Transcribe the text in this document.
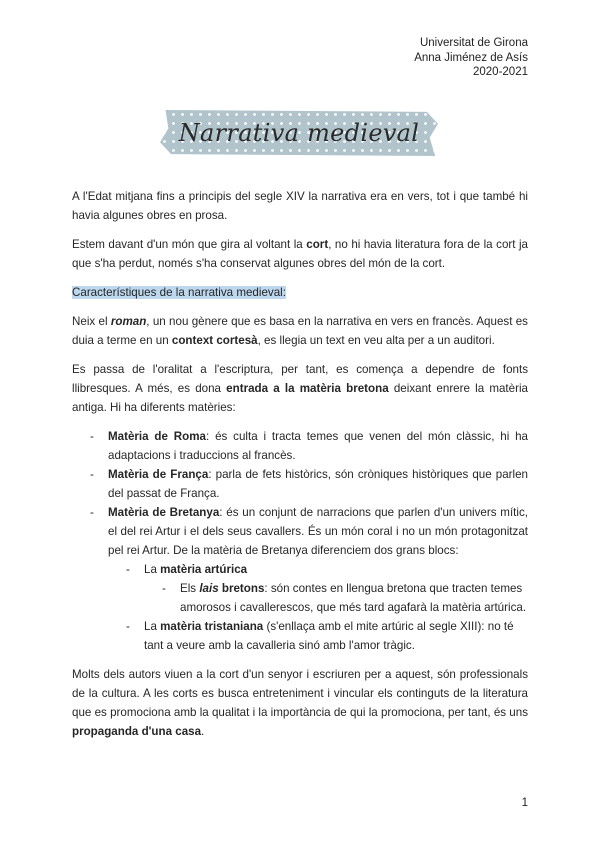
Universitat de Girona
Anna Jiménez de Asís
2020-2021
Narrativa medieval

A l'Edat mitjana fins a principis del segle XIV la narrativa era en vers, tot i que també hi havia algunes obres en prosa.

Estem davant d'un món que gira al voltant la cort, no hi havia literatura fora de la cort ja que s'ha perdut, només s'ha conservat algunes obres del món de la cort.

Característiques de la narrativa medieval:

Neix el roman, un nou gènere que es basa en la narrativa en vers en francès. Aquest es duia a terme en un context cortesà, es llegia un text en veu alta per a un auditori.

Es passa de l'oralitat a l'escriptura, per tant, es comença a dependre de fonts llibresques. A més, es dona entrada a la matèria bretona deixant enrere la matèria antiga. Hi ha diferents matèries:

- Matèria de Roma: és culta i tracta temes que venen del món clàssic, hi ha adaptacions i traduccions al francès.
- Matèria de França: parla de fets històrics, són cròniques històriques que parlen del passat de França.
- Matèria de Bretanya: és un conjunt de narracions que parlen d'un univers mític, el del rei Artur i el dels seus cavallers. És un món coral i no un món protagonitzat pel rei Artur. De la matèria de Bretanya diferenciem dos grans blocs:
- La matèria artúrica
- Els lais bretons: són contes en llengua bretona que tracten temes amorosos i cavallerescos, que més tard agafarà la matèria artúrica.
- La matèria tristaniana (s'enllaça amb el mite artúric al segle XIII): no té tant a veure amb la cavalleria sinó amb l'amor tràgic.

Molts dels autors viuen a la cort d'un senyor i escriuren per a aquest, són professionals de la cultura. A les corts es busca entreteniment i vincular els continguts de la literatura que es promociona amb la qualitat i la importància de qui la promociona, per tant, és uns propaganda d'una casa.

1
